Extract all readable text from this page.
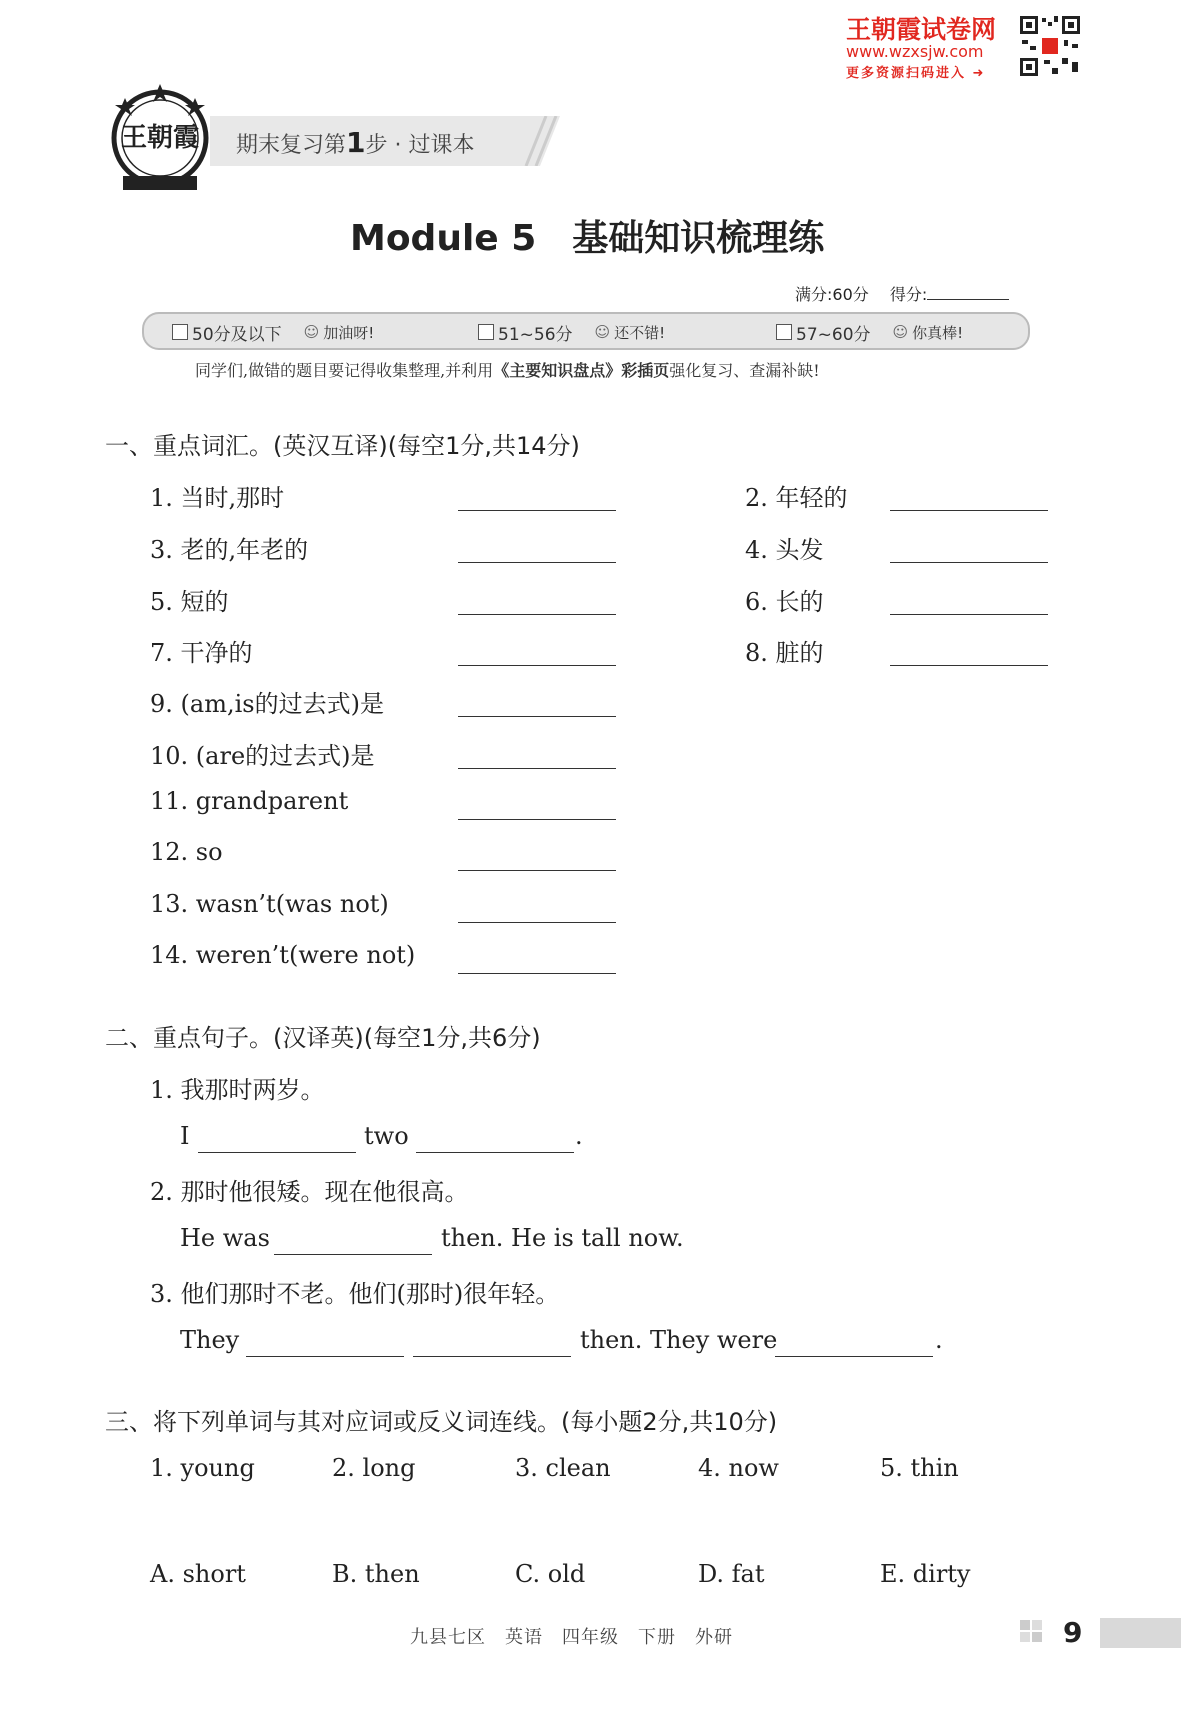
王朝霞试卷网
www.wzxsjw.com
更多资源扫码进入 ➜
王朝霞 期末复习第1步 · 过课本
Module 5　基础知识梳理练
满分:60分　 得分:
50分及以下 ☺ 加油呀!	51~56分 ☺ 还不错!	57~60分 ☺ 你真棒!
同学们,做错的题目要记得收集整理,并利用《主要知识盘点》彩插页强化复习、查漏补缺!
一、重点词汇。(英汉互译)(每空1分,共14分)
1. 当时,那时	2. 年轻的
3. 老的,年老的	4. 头发
5. 短的	6. 长的
7. 干净的	8. 脏的
9. (am,is的过去式)是
10. (are的过去式)是
11. grandparent
12. so
13. wasn’t(was not)
14. weren’t(were not)
二、重点句子。(汉译英)(每空1分,共6分)
1. 我那时两岁。
I	two	.
2. 那时他很矮。现在他很高。
He was	then. He is tall now.
3. 他们那时不老。他们(那时)很年轻。
They	then. They were	.
三、将下列单词与其对应词或反义词连线。(每小题2分,共10分)
1. young	2. long	3. clean	4. now	5. thin
A. short	B. then	C. old	D. fat	E. dirty
九县七区　英语　四年级　下册　外研	9
